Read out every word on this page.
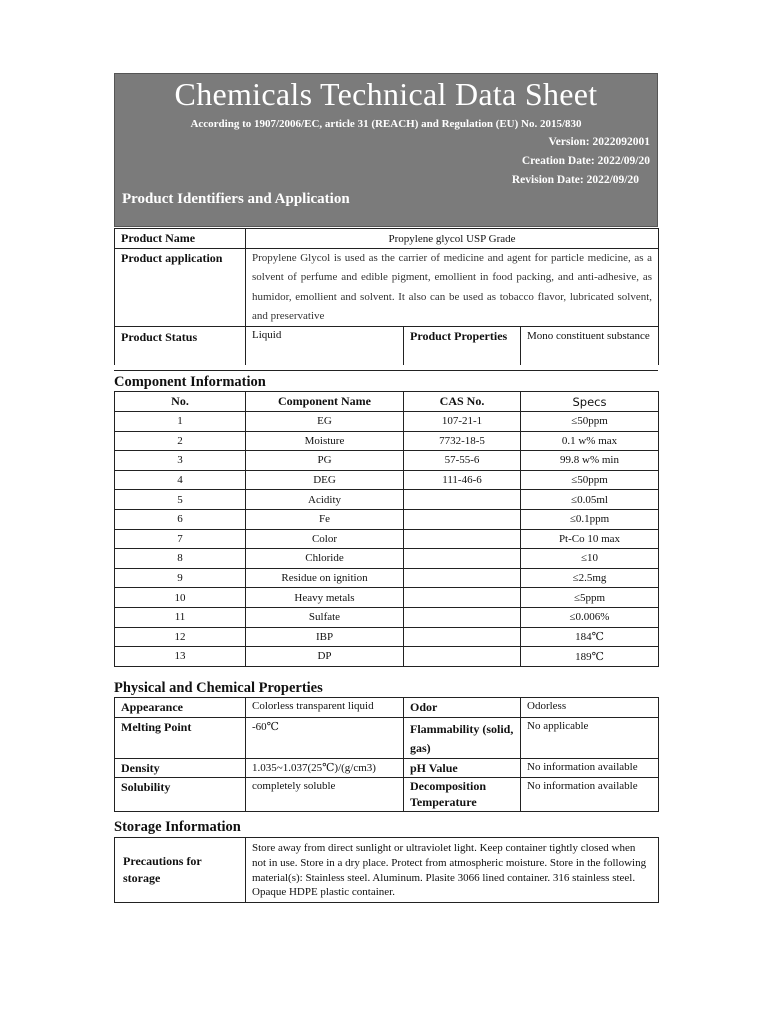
Chemicals Technical Data Sheet
According to 1907/2006/EC, article 31 (REACH) and Regulation (EU) No. 2015/830
Version: 2022092001
Creation Date: 2022/09/20
Revision Date: 2022/09/20
Product Identifiers and Application
Product Name	Propylene glycol USP Grade		
Product application	Propylene Glycol is used as the carrier of medicine and agent for particle medicine, as a solvent of perfume and edible pigment, emollient in food packing, and anti-adhesive, as humidor, emollient and solvent. It also can be used as tobacco flavor, lubricated solvent, and preservative		
Product Status	Liquid	Product Properties	Mono constituent substance
Component Information
No.	Component Name	CAS No.	Specs
1	EG	107-21-1	≤50ppm
2	Moisture	7732-18-5	0.1 w% max
3	PG	57-55-6	99.8 w% min
4	DEG	111-46-6	≤50ppm
5	Acidity		≤0.05ml
6	Fe		≤0.1ppm
7	Color		Pt-Co 10 max
8	Chloride		≤10
9	Residue on ignition		≤2.5mg
10	Heavy metals		≤5ppm
11	Sulfate		≤0.006%
12	IBP		184℃
13	DP		189℃
Physical and Chemical Properties
Appearance	Colorless transparent liquid	Odor	Odorless
Melting Point	-60℃	Flammability (solid, gas)	No applicable
Density	1.035~1.037(25℃)/(g/cm3)	pH Value	No information available
Solubility	completely soluble	Decomposition Temperature	No information available
Storage Information
Precautions for storage	Store away from direct sunlight or ultraviolet light. Keep container tightly closed when not in use. Store in a dry place. Protect from atmospheric moisture. Store in the following material(s): Stainless steel. Aluminum. Plasite 3066 lined container. 316 stainless steel. Opaque HDPE plastic container.
